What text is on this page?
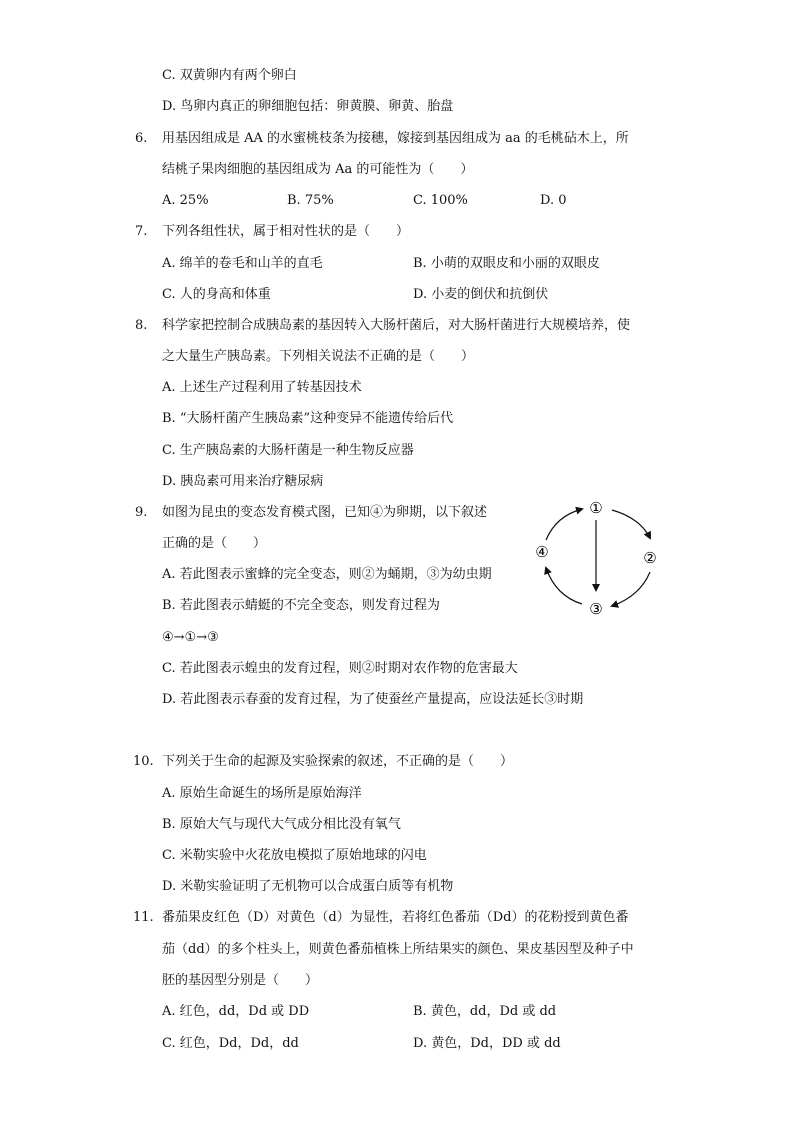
C. 双黄卵内有两个卵白
D. 鸟卵内真正的卵细胞包括：卵黄膜、卵黄、胎盘
6. 用基因组成是 AA 的水蜜桃枝条为接穗，嫁接到基因组成为 aa 的毛桃砧木上，所
结桃子果肉细胞的基因组成为 Aa 的可能性为（　　）
A. 25%	B. 75%	C. 100%	D. 0
7. 下列各组性状，属于相对性状的是（　　）
A. 绵羊的卷毛和山羊的直毛	B. 小萌的双眼皮和小丽的双眼皮
C. 人的身高和体重	D. 小麦的倒伏和抗倒伏
8. 科学家把控制合成胰岛素的基因转入大肠杆菌后，对大肠杆菌进行大规模培养，使
之大量生产胰岛素。下列相关说法不正确的是（　　）
A. 上述生产过程利用了转基因技术
B. “大肠杆菌产生胰岛素”这种变异不能遗传给后代
C. 生产胰岛素的大肠杆菌是一种生物反应器
D. 胰岛素可用来治疗糖尿病
9. 如图为昆虫的变态发育模式图，已知④为卵期，以下叙述
正确的是（　　）
A. 若此图表示蜜蜂的完全变态，则②为蛹期，③为幼虫期
B. 若此图表示蜻蜓的不完全变态，则发育过程为
④→①→③
C. 若此图表示蝗虫的发育过程，则②时期对农作物的危害最大
D. 若此图表示春蚕的发育过程，为了使蚕丝产量提高，应设法延长③时期
①
②
③
④
10. 下列关于生命的起源及实验探索的叙述，不正确的是（　　）
A. 原始生命诞生的场所是原始海洋
B. 原始大气与现代大气成分相比没有氧气
C. 米勒实验中火花放电模拟了原始地球的闪电
D. 米勒实验证明了无机物可以合成蛋白质等有机物
11. 番茄果皮红色（D）对黄色（d）为显性，若将红色番茄（Dd）的花粉授到黄色番
茄（dd）的多个柱头上，则黄色番茄植株上所结果实的颜色、果皮基因型及种子中
胚的基因型分别是（　　）
A. 红色，dd，Dd 或 DD	B. 黄色，dd，Dd 或 dd
C. 红色，Dd，Dd，dd	D. 黄色，Dd，DD 或 dd
